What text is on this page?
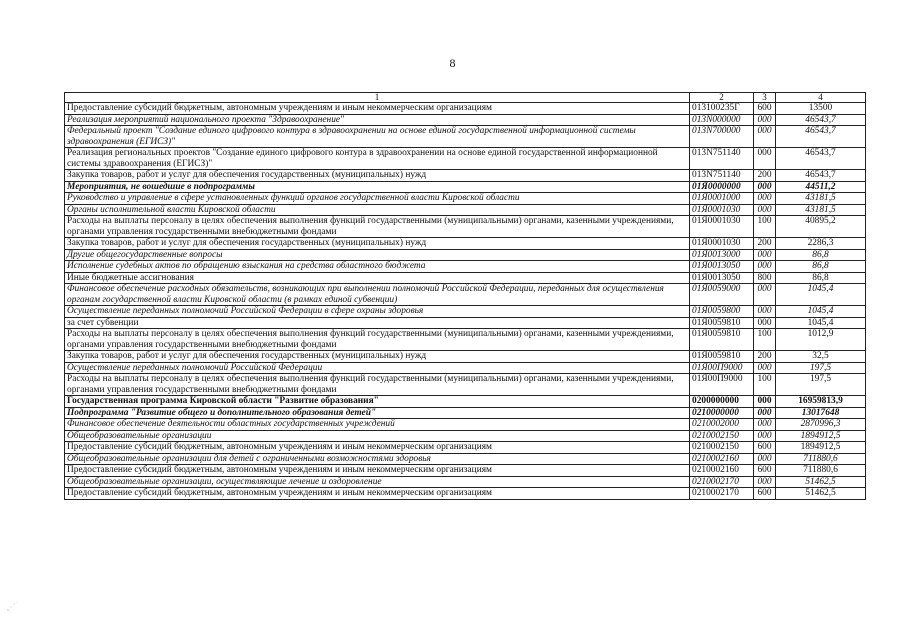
8
1	2	3	4
Предоставление субсидий бюджетным, автономным учреждениям и иным некоммерческим организациям	013100235Г	600	13500
Реализация мероприятий национального проекта "Здравоохранение"	013N000000	000	46543,7
Федеральный проект "Создание единого цифрового контура в здравоохранении на основе единой государственной информационной системы здравоохранения (ЕГИСЗ)"	013N700000	000	46543,7
Реализация региональных проектов "Создание единого цифрового контура в здравоохранении на основе единой государственной информационной системы здравоохранения (ЕГИСЗ)"	013N751140	000	46543,7
Закупка товаров, работ и услуг для обеспечения государственных (муниципальных) нужд	013N751140	200	46543,7
Мероприятия, не вошедшие в подпрограммы	01Я0000000	000	44511,2
Руководство и управление в сфере установленных функций органов государственной власти Кировской области	01Я0001000	000	43181,5
Органы исполнительной власти Кировской области	01Я0001030	000	43181,5
Расходы на выплаты персоналу в целях обеспечения выполнения функций государственными (муниципальными) органами, казенными учреждениями, органами управления государственными внебюджетными фондами	01Я0001030	100	40895,2
Закупка товаров, работ и услуг для обеспечения государственных (муниципальных) нужд	01Я0001030	200	2286,3
Другие общегосударственные вопросы	01Я0013000	000	86,8
Исполнение судебных актов по обращению взыскания на средства областного бюджета	01Я0013050	000	86,8
Иные бюджетные ассигнования	01Я0013050	800	86,8
Финансовое обеспечение расходных обязательств, возникающих при выполнении полномочий Российской Федерации, переданных для осуществления органам государственной власти Кировской области (в рамках единой субвенции)	01Я0059000	000	1045,4
Осуществление переданных полномочий Российской Федерации в сфере охраны здоровья	01Я0059800	000	1045,4
за счет субвенции	01Я0059810	000	1045,4
Расходы на выплаты персоналу в целях обеспечения выполнения функций государственными (муниципальными) органами, казенными учреждениями, органами управления государственными внебюджетными фондами	01Я0059810	100	1012,9
Закупка товаров, работ и услуг для обеспечения государственных (муниципальных) нужд	01Я0059810	200	32,5
Осуществление переданных полномочий Российской Федерации	01Я00П9000	000	197,5
Расходы на выплаты персоналу в целях обеспечения выполнения функций государственными (муниципальными) органами, казенными учреждениями, органами управления государственными внебюджетными фондами	01Я00П9000	100	197,5
Государственная программа Кировской области "Развитие образования"	0200000000	000	16959813,9
Подпрограмма "Развитие общего и дополнительного образования детей"	0210000000	000	13017648
Финансовое обеспечение деятельности областных государственных учреждений	0210002000	000	2870996,3
Общеобразовательные организации	0210002150	000	1894912,5
Предоставление субсидий бюджетным, автономным учреждениям и иным некоммерческим организациям	0210002150	600	1894912,5
Общеобразовательные организации для детей с ограниченными возможностями здоровья	0210002160	000	711880,6
Предоставление субсидий бюджетным, автономным учреждениям и иным некоммерческим организациям	0210002160	600	711880,6
Общеобразовательные организации, осуществляющие лечение и оздоровление	0210002170	000	51462,5
Предоставление субсидий бюджетным, автономным учреждениям и иным некоммерческим организациям	0210002170	600	51462,5
